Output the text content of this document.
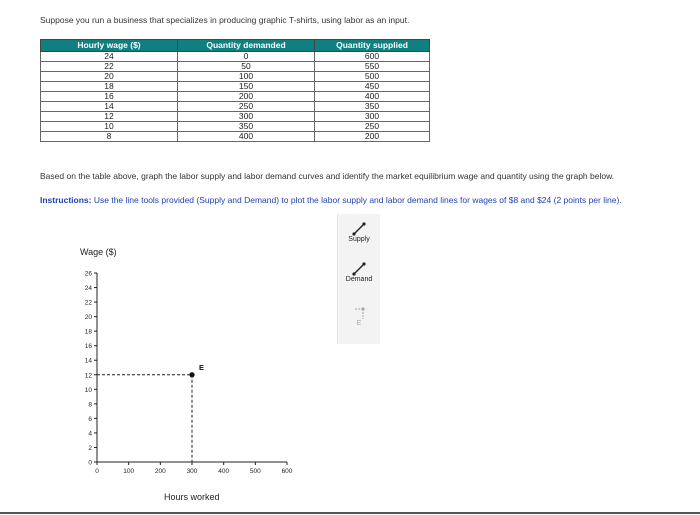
Suppose you run a business that specializes in producing graphic T-shirts, using labor as an input.
Hourly wage ($)	Quantity demanded	Quantity supplied
24	0	600
22	50	550
20	100	500
18	150	450
16	200	400
14	250	350
12	300	300
10	350	250
8	400	200
Based on the table above, graph the labor supply and labor demand curves and identify the market equilibrium wage and quantity using the graph below.
Instructions: Use the line tools provided (Supply and Demand) to plot the labor supply and labor demand lines for wages of $8 and $24 (2 points per line).
Wage ($)
Hours worked
0
2
4
6
8
10
12
14
16
18
20
22
24
26
0	100	200	300	400	500	600
E
Supply
Demand
E
